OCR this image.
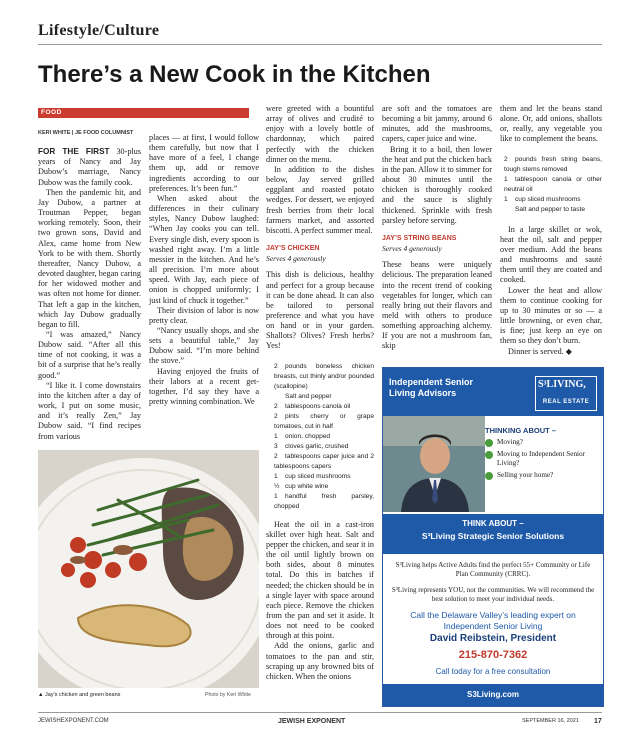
Lifestyle/Culture
There’s a New Cook in the Kitchen
FOOD
KERI WHITE | JE FOOD COLUMNIST

FOR THE FIRST 30-plus years of Nancy and Jay Dubow’s marriage, Nancy Dubow was the family cook.

Then the pandemic hit, and Jay Dubow, a partner at Troutman Pepper, began working remotely. Soon, their two grown sons, David and Alex, came home from New York to be with them. Shortly thereafter, Nancy Dubow, a devoted daughter, began caring for her widowed mother and was often not home for dinner. That left a gap in the kitchen, which Jay Dubow gradually began to fill.

“I was amazed,” Nancy Dubow said. “After all this time of not cooking, it was a bit of a surprise that he’s really good.”

“I like it. I come downstairs into the kitchen after a day of work, I put on some music, and it’s really Zen,” Jay Dubow said. “I find recipes from various

places — at first, I would follow them carefully, but now that I have more of a feel, I change them up, add or remove ingredients according to our preferences. It’s been fun.”

When asked about the differences in their culinary styles, Nancy Dubow laughed: “When Jay cooks you can tell. Every single dish, every spoon is washed right away. I’m a little messier in the kitchen. And he’s all precision. I’m more about speed. With Jay, each piece of onion is chopped uniformly; I just kind of chuck it together.”

Their division of labor is now pretty clear.

“Nancy usually shops, and she sets a beautiful table,” Jay Dubow said. “I’m more behind the stove.”

Having enjoyed the fruits of their labors at a recent get-together, I’d say they have a pretty winning combination. We

▲ Jay’s chicken and green beans	Photo by Keri White

were greeted with a bountiful array of olives and crudité to enjoy with a lovely bottle of chardonnay, which paired perfectly with the chicken dinner on the menu.

In addition to the dishes below, Jay served grilled eggplant and roasted potato wedges. For dessert, we enjoyed fresh berries from their local farmers market, and assorted biscotti. A perfect summer meal.

JAY’S CHICKEN
Serves 4 generously

This dish is delicious, healthy and perfect for a group because it can be done ahead. It can also be tailored to personal preference and what you have on hand or in your garden. Shallots? Olives? Fresh herbs? Yes!

2 pounds boneless chicken breasts, cut thinly and/or pounded (scallopine)
Salt and pepper
2 tablespoons canola oil
2 pints cherry or grape tomatoes, cut in half
1 onion, chopped
3 cloves garlic, crushed
2 tablespoons caper juice and 2 tablespoons capers
1 cup sliced mushrooms
½ cup white wine
1 handful fresh parsley, chopped

Heat the oil in a cast-iron skillet over high heat. Salt and pepper the chicken, and sear it in the oil until lightly brown on both sides, about 8 minutes total. Do this in batches if needed; the chicken should be in a single layer with space around each piece. Remove the chicken from the pan and set it aside. It does not need to be cooked through at this point.

Add the onions, garlic and tomatoes to the pan and stir, scraping up any browned bits of chicken. When the onions

are soft and the tomatoes are becoming a bit jammy, around 6 minutes, add the mushrooms, capers, caper juice and wine.

Bring it to a boil, then lower the heat and put the chicken back in the pan. Allow it to simmer for about 30 minutes until the chicken is thoroughly cooked and the sauce is slightly thickened. Sprinkle with fresh parsley before serving.

JAY’S STRING BEANS
Serves 4 generously

These beans were uniquely delicious. The preparation leaned into the recent trend of cooking vegetables for longer, which can really bring out their flavors and meld with others to produce something approaching alchemy. If you are not a mushroom fan, skip

them and let the beans stand alone. Or, add onions, shallots or, really, any vegetable you like to complement the beans.

2 pounds fresh string beans, tough stems removed
1 tablespoon canola or other neutral oil
1 cup sliced mushrooms
Salt and pepper to taste

In a large skillet or wok, heat the oil, salt and pepper over medium. Add the beans and mushrooms and sauté them until they are coated and cooked.

Lower the heat and allow them to continue cooking for up to 30 minutes or so — a little browning, or even char, is fine; just keep an eye on them so they don’t burn.

Dinner is served. ◆

Independent Senior
Living Advisors
S³LIVING,
REAL ESTATE
THINKING ABOUT –
Moving?
Moving to Independent Senior Living?
Selling your home?
THINK ABOUT –
S³Living Strategic Senior Solutions
S³Living helps Active Adults find the perfect 55+ Community or Life Plan Community (CRRC).
S³Living represents YOU, not the communities. We will recommend the best solution to meet your individual needs.
Call the Delaware Valley’s leading expert on Independent Senior Living
David Reibstein, President
215-870-7362
Call today for a free consultation
S3Living.com
JEWISHEXPONENT.COM	JEWISH EXPONENT	SEPTEMBER 16, 2021 17
